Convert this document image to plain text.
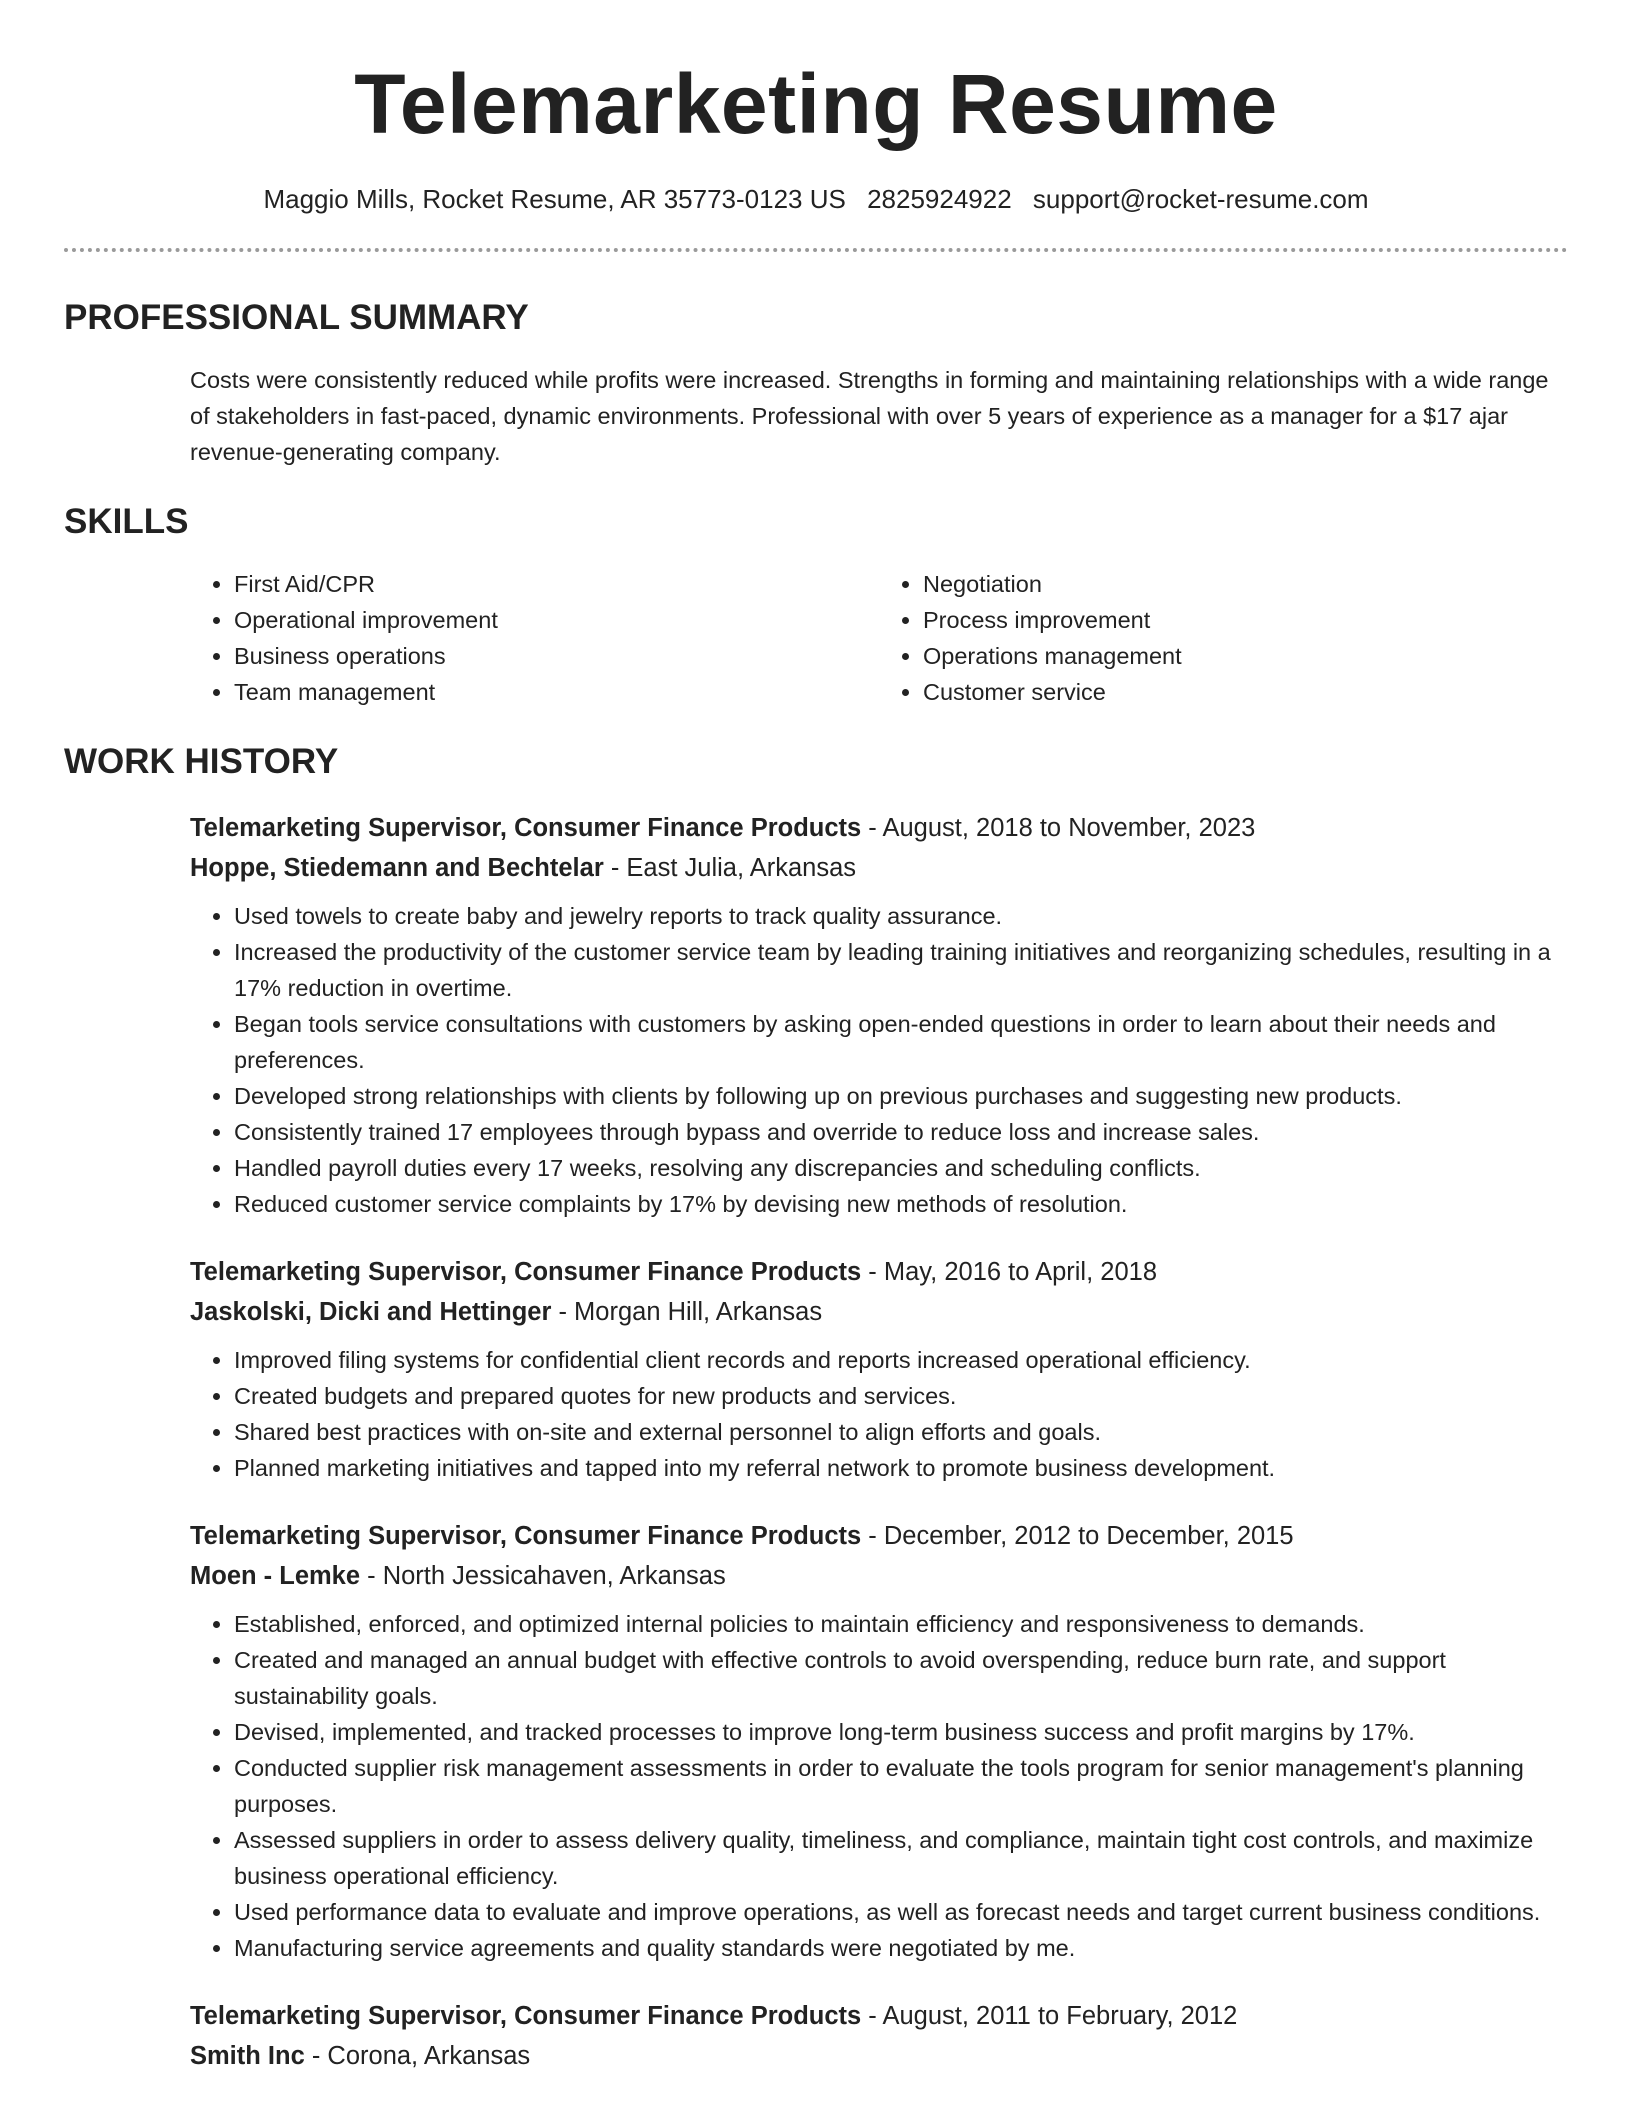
Telemarketing Resume
Maggio Mills, Rocket Resume, AR 35773-0123 US 2825924922 support@rocket-resume.com
PROFESSIONAL SUMMARY

Costs were consistently reduced while profits were increased. Strengths in forming and maintaining relationships with a wide range of stakeholders in fast-paced, dynamic environments. Professional with over 5 years of experience as a manager for a $17 ajar revenue-generating company.

SKILLS
• First Aid/CPR
• Operational improvement
• Business operations
• Team management
• Negotiation
• Process improvement
• Operations management
• Customer service
WORK HISTORY
Telemarketing Supervisor, Consumer Finance Products - August, 2018 to November, 2023
Hoppe, Stiedemann and Bechtelar - East Julia, Arkansas
• Used towels to create baby and jewelry reports to track quality assurance.
• Increased the productivity of the customer service team by leading training initiatives and reorganizing schedules, resulting in a 17% reduction in overtime.
• Began tools service consultations with customers by asking open-ended questions in order to learn about their needs and preferences.
• Developed strong relationships with clients by following up on previous purchases and suggesting new products.
• Consistently trained 17 employees through bypass and override to reduce loss and increase sales.
• Handled payroll duties every 17 weeks, resolving any discrepancies and scheduling conflicts.
• Reduced customer service complaints by 17% by devising new methods of resolution.
Telemarketing Supervisor, Consumer Finance Products - May, 2016 to April, 2018
Jaskolski, Dicki and Hettinger - Morgan Hill, Arkansas
• Improved filing systems for confidential client records and reports increased operational efficiency.
• Created budgets and prepared quotes for new products and services.
• Shared best practices with on-site and external personnel to align efforts and goals.
• Planned marketing initiatives and tapped into my referral network to promote business development.
Telemarketing Supervisor, Consumer Finance Products - December, 2012 to December, 2015
Moen - Lemke - North Jessicahaven, Arkansas
• Established, enforced, and optimized internal policies to maintain efficiency and responsiveness to demands.
• Created and managed an annual budget with effective controls to avoid overspending, reduce burn rate, and support sustainability goals.
• Devised, implemented, and tracked processes to improve long-term business success and profit margins by 17%.
• Conducted supplier risk management assessments in order to evaluate the tools program for senior management's planning purposes.
• Assessed suppliers in order to assess delivery quality, timeliness, and compliance, maintain tight cost controls, and maximize business operational efficiency.
• Used performance data to evaluate and improve operations, as well as forecast needs and target current business conditions.
• Manufacturing service agreements and quality standards were negotiated by me.
Telemarketing Supervisor, Consumer Finance Products - August, 2011 to February, 2012
Smith Inc - Corona, Arkansas
